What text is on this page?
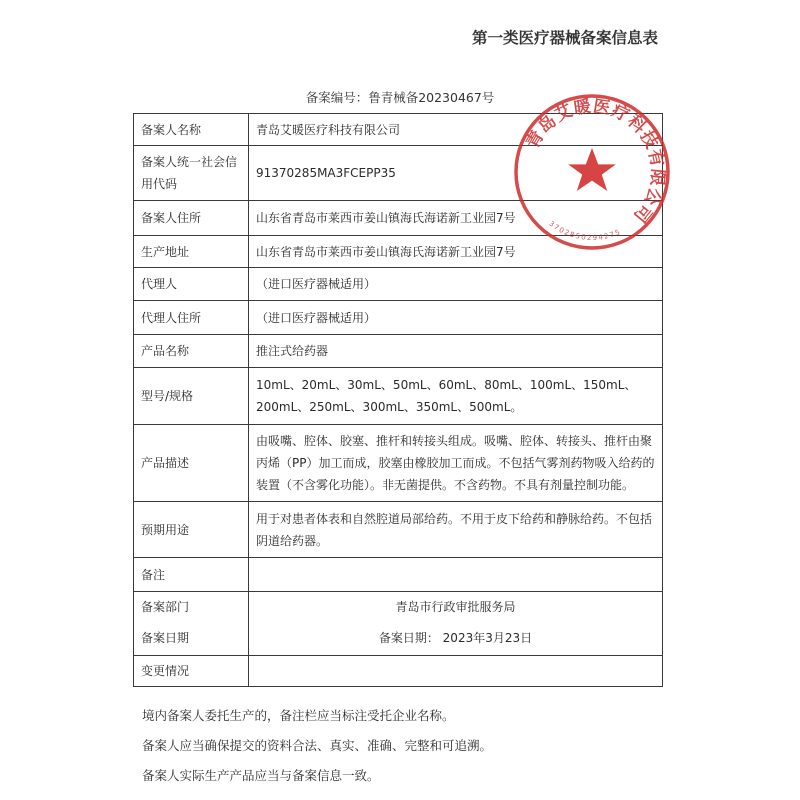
第一类医疗器械备案信息表
备案编号：鲁青械备20230467号
备案人名称	青岛艾暖医疗科技有限公司
备案人统一社会信用代码	91370285MA3FCEPP35
备案人住所	山东省青岛市莱西市姜山镇海氏海诺新工业园7号
生产地址	山东省青岛市莱西市姜山镇海氏海诺新工业园7号
代理人	（进口医疗器械适用）
代理人住所	（进口医疗器械适用）
产品名称	推注式给药器
型号/规格	10mL、20mL、30mL、50mL、60mL、80mL、100mL、150mL、200mL、250mL、300mL、350mL、500mL。
产品描述	由吸嘴、腔体、胶塞、推杆和转接头组成。吸嘴、腔体、转接头、推杆由聚丙烯（PP）加工而成，胶塞由橡胶加工而成。不包括气雾剂药物吸入给药的装置（不含雾化功能）。非无菌提供。不含药物。不具有剂量控制功能。
预期用途	用于对患者体表和自然腔道局部给药。不用于皮下给药和静脉给药。不包括阴道给药器。
备注	
备案部门	青岛市行政审批服务局
备案日期	备案日期： 2023年3月23日
变更情况	
境内备案人委托生产的，备注栏应当标注受托企业名称。
备案人应当确保提交的资料合法、真实、准确、完整和可追溯。
备案人实际生产产品应当与备案信息一致。
青岛艾暖医疗科技有限公司
3702850294275
